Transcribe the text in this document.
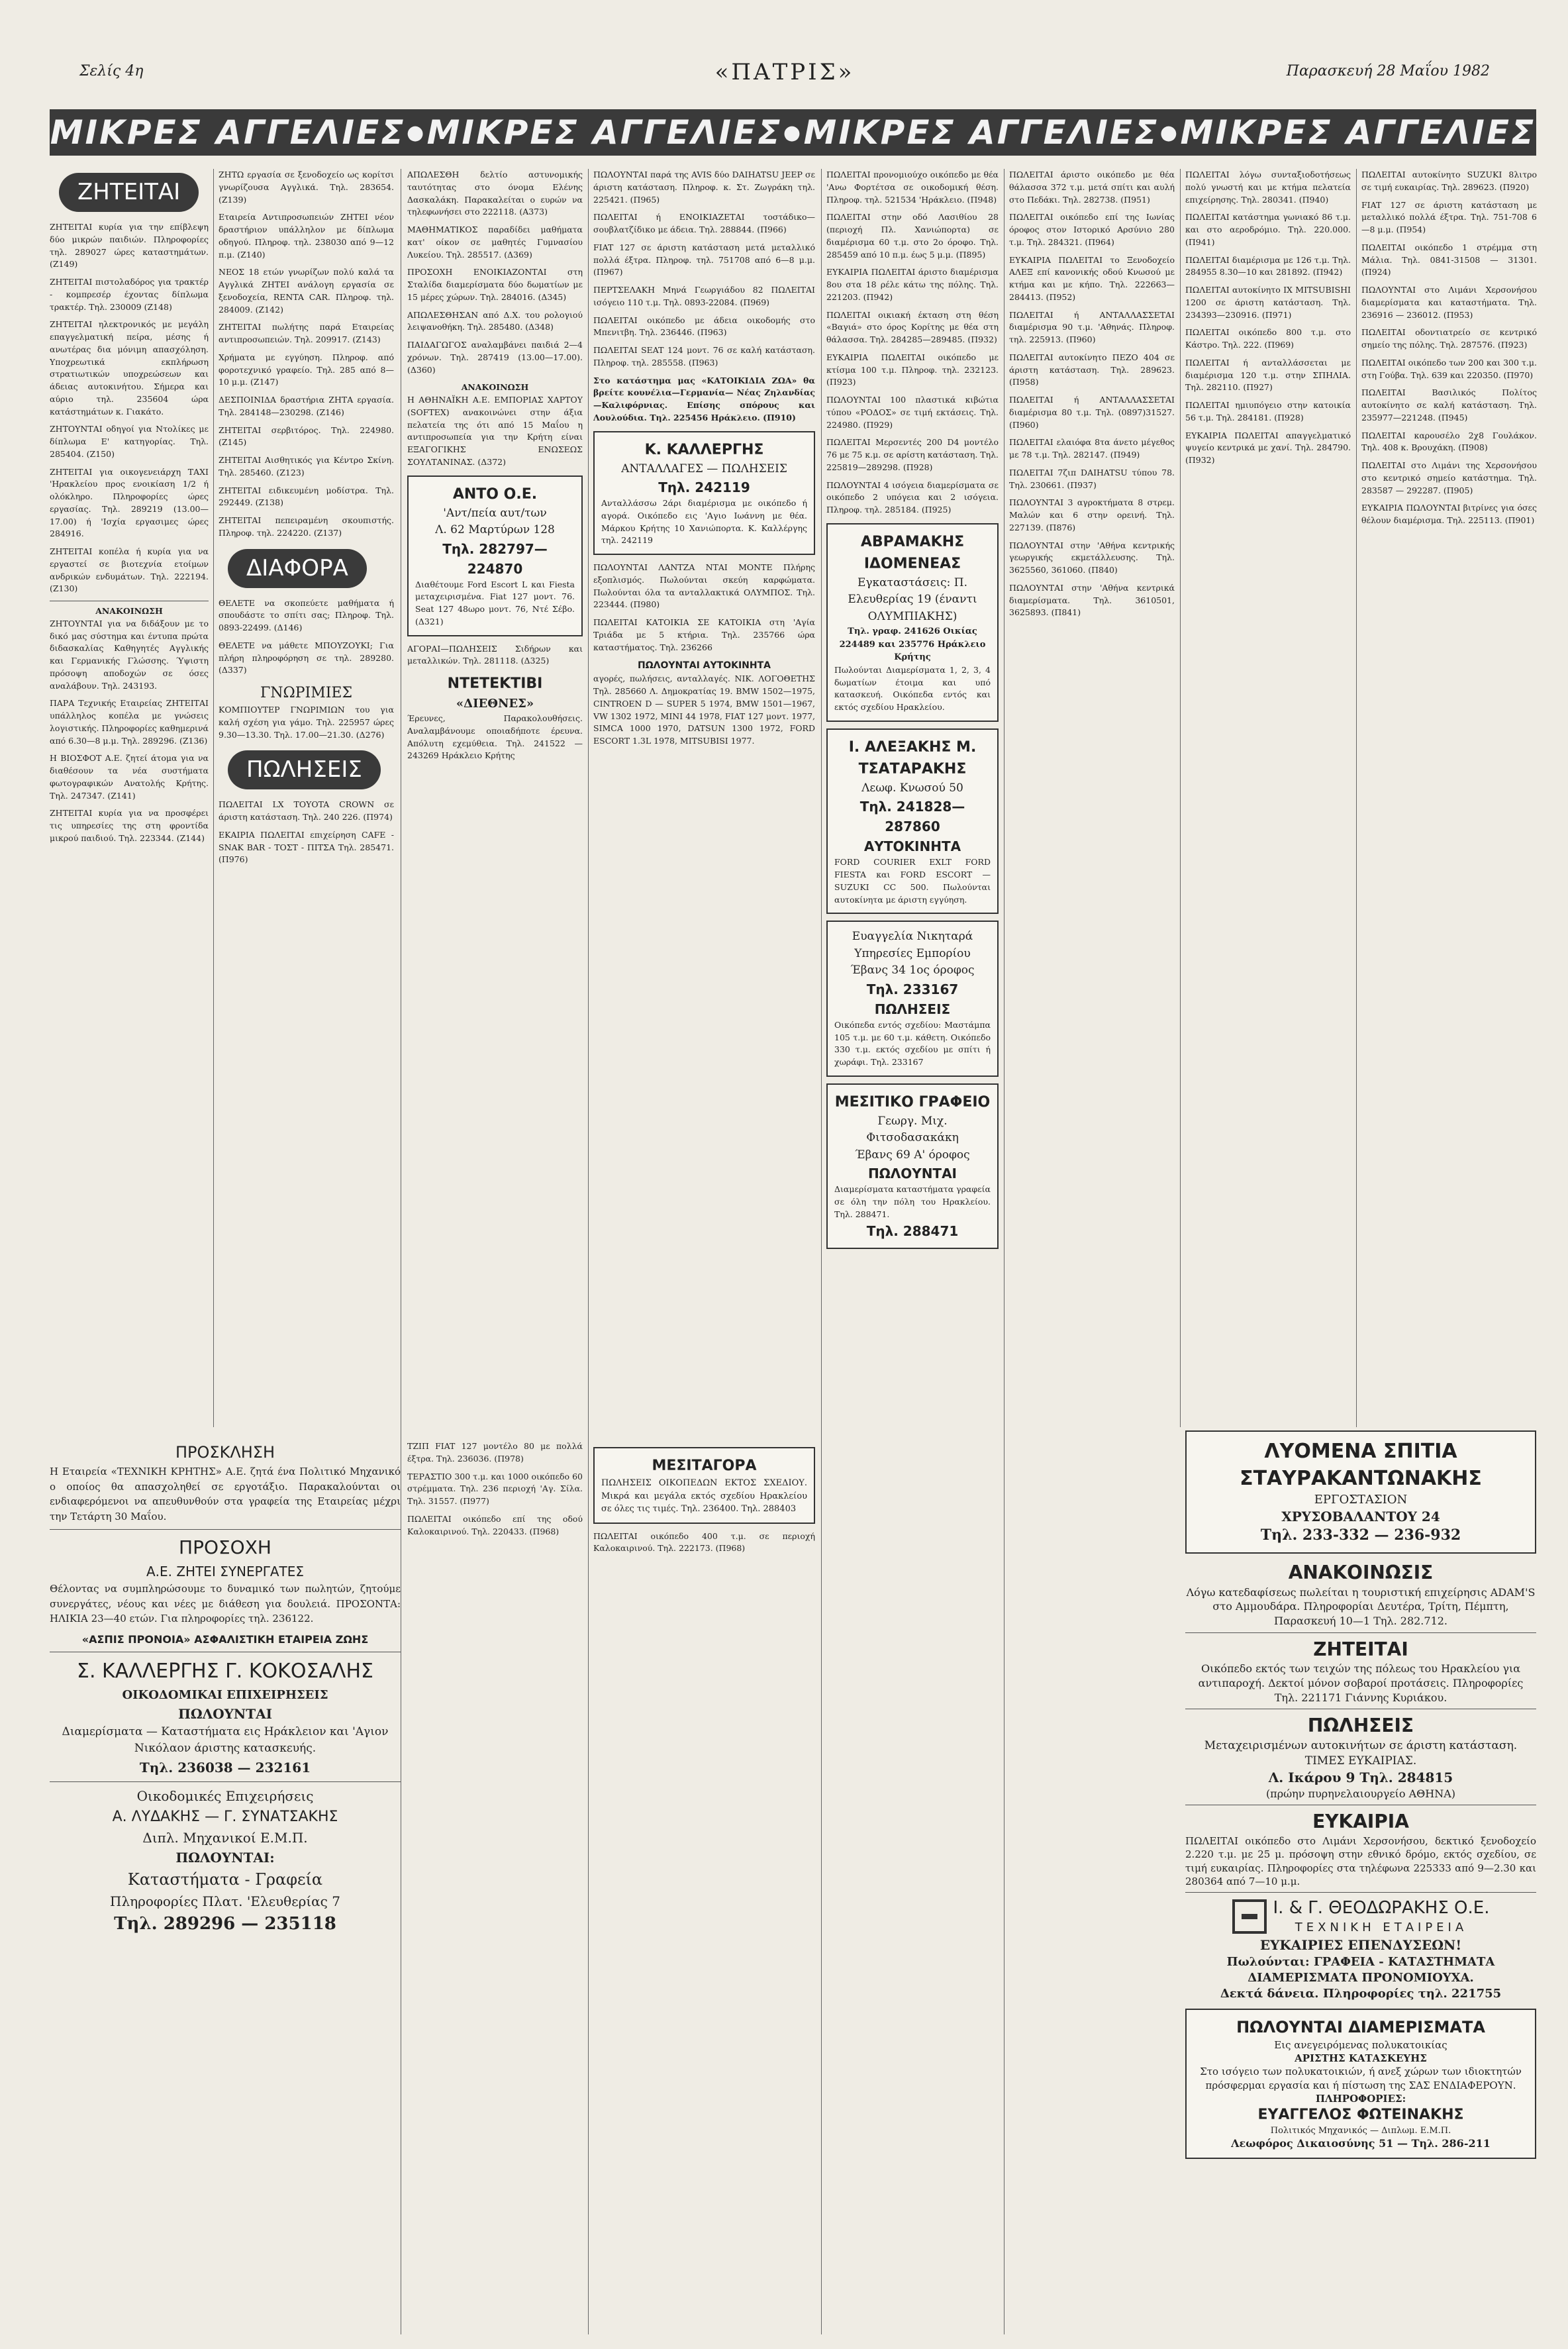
Σελίς 4η	«ΠΑΤΡΙΣ»	Παρασκευή 28 Μαΐου 1982
ΜΙΚΡΕΣ ΑΓΓΕΛΙΕΣ ● ΜΙΚΡΕΣ ΑΓΓΕΛΙΕΣ ● ΜΙΚΡΕΣ ΑΓΓΕΛΙΕΣ ● ΜΙΚΡΕΣ ΑΓΓΕΛΙΕΣ
ΖΗΤΕΙΤΑΙ

ΖΗΤΕΙΤΑΙ κυρία για την επίβλεψη δύο μικρών παιδιών. Πληροφορίες τηλ. 289027 ώρες καταστημάτων. (Ζ149)

ΖΗΤΕΙΤΑΙ πιστολαδόρος για τρακτέρ - κομπρεσέρ έχοντας δίπλωμα τρακτέρ. Τηλ. 230009 (Ζ148)

ΖΗΤΕΙΤΑΙ ηλεκτρονικός με μεγάλη επαγγελματική πείρα, μέσης ή ανωτέρας δια μόνιμη απασχόληση. Υποχρεωτικά εκπλήρωση στρατιωτικών υποχρεώσεων και άδειας αυτοκινήτου. Σήμερα και αύριο τηλ. 235604 ώρα κατάστημάτων κ. Γιακάτο.

ΖΗΤΟΥΝΤΑΙ οδηγοί για Ντολίκες με δίπλωμα Ε' κατηγορίας. Τηλ. 285404. (Ζ150)

ΖΗΤΕΙΤΑΙ για οικογενειάρχη ΤΑΧΙ 'Ηρακλείου προς ενοικίαση 1/2 ή ολόκληρο. Πληροφορίες ώρες εργασίας. Τηλ. 289219 (13.00—17.00) ή 'Ισχία εργασιμες ώρες 284916.

ΖΗΤΕΙΤΑΙ κοπέλα ή κυρία για να εργαστεί σε βιοτεχνία ετοίμων ανδρικών ενδυμάτων. Τηλ. 222194. (Ζ130)

ΑΝΑΚΟΙΝΩΣΗ

ΖΗΤΟΥΝΤΑΙ για να διδάξουν με το δικό μας σύστημα και έντυπα πρώτα διδασκαλίας Καθηγητές Αγγλικής και Γερμανικής Γλώσσης. Ύψιστη πρόσοψη αποδοχών σε όσες αναλάβουν. Τηλ. 243193.

ΠΑΡΑ Τεχνικής Εταιρείας ΖΗΤΕΙΤΑΙ υπάλληλος κοπέλα με γνώσεις λογιστικής. Πληροφορίες καθημερινά από 6.30—8 μ.μ. Τηλ. 289296. (Ζ136)

Η ΒΙΟΣΦΟΤ Α.Ε. ζητεί άτομα για να διαθέσουν τα νέα συστήματα φωτογραφικών Ανατολής Κρήτης. Τηλ. 247347. (Ζ141)

ΖΗΤΕΙΤΑΙ κυρία για να προσφέρει τις υπηρεσίες της στη φροντίδα μικρού παιδιού. Τηλ. 223344. (Ζ144)

ΠΡΟΣΚΛΗΣΗ

Η Εταιρεία «ΤΕΧΝΙΚΗ ΚΡΗΤΗΣ» Α.Ε. ζητά ένα Πολιτικό Μηχανικό ο οποίος θα απασχοληθεί σε εργοτάξιο. Παρακαλούνται οι ενδιαφερόμενοι να απευθυνθούν στα γραφεία της Εταιρείας μέχρι την Τετάρτη 30 Μαΐου.

ΠΡΟΣΟΧΗ
Α.Ε. ΖΗΤΕΙ ΣΥΝΕΡΓΑΤΕΣ

Θέλοντας να συμπληρώσουμε το δυναμικό των πωλητών, ζητούμε συνεργάτες, νέους και νέες με διάθεση για δουλειά. ΠΡΟΣΟΝΤΑ: ΗΛΙΚΙΑ 23—40 ετών. Για πληροφορίες τηλ. 236122.

«ΑΣΠΙΣ ΠΡΟΝΟΙΑ» ΑΣΦΑΛΙΣΤΙΚΗ ΕΤΑΙΡΕΙΑ ΖΩΗΣ
Σ. ΚΑΛΛΕΡΓΗΣ Γ. ΚΟΚΟΣΑΛΗΣ
ΟΙΚΟΔΟΜΙΚΑΙ ΕΠΙΧΕΙΡΗΣΕΙΣ
ΠΩΛΟΥΝΤΑΙ
Διαμερίσματα — Καταστήματα εις Ηράκλειον και 'Αγιον Νικόλαον άριστης κατασκευής.
Τηλ. 236038 — 232161
Οικοδομικές Επιχειρήσεις
Α. ΛΥΔΑΚΗΣ — Γ. ΣΥΝΑΤΣΑΚΗΣ
Διπλ. Μηχανικοί Ε.Μ.Π.
ΠΩΛΟΥΝΤΑΙ:
Καταστήματα - Γραφεία
Πληροφορίες Πλατ. 'Ελευθερίας 7
Τηλ. 289296 — 235118

ΖΗΤΩ εργασία σε ξενοδοχείο ως κορίτσι γνωρίζουσα Αγγλικά. Τηλ. 283654. (Ζ139)

Εταιρεία Αντιπροσωπειών ΖΗΤΕΙ νέον δραστήριον υπάλληλον με δίπλωμα οδηγού. Πληροφ. τηλ. 238030 από 9—12 π.μ. (Ζ140)

ΝΕΟΣ 18 ετών γνωρίζων πολύ καλά τα Αγγλικά ΖΗΤΕΙ ανάλογη εργασία σε ξενοδοχεία, RENTA CAR. Πληροφ. τηλ. 284009. (Ζ142)

ΖΗΤΕΙΤΑΙ πωλήτης παρά Εταιρείας αντιπροσωπειών. Τηλ. 209917. (Ζ143)

Χρήματα με εγγύηση. Πληροφ. από φοροτεχνικό γραφείο. Τηλ. 285 από 8—10 μ.μ. (Ζ147)

ΔΕΣΠΟΙΝΙΔΑ δραστήρια ΖΗΤΑ εργασία. Τηλ. 284148—230298. (Ζ146)

ΖΗΤΕΙΤΑΙ σερβιτόρος. Τηλ. 224980. (Ζ145)

ΖΗΤΕΙΤΑΙ Αισθητικός για Κέντρο Σκίνη. Τηλ. 285460. (Ζ123)

ΖΗΤΕΙΤΑΙ ειδικευμένη μοδίστρα. Τηλ. 292449. (Ζ138)

ΖΗΤΕΙΤΑΙ πεπειραμένη σκουπιστής. Πληροφ. τηλ. 224220. (Ζ137)

ΔΙΑΦΟΡΑ

ΘΕΛΕΤΕ να σκοπεύετε μαθήματα ή σπουδάστε το σπίτι σας; Πληροφ. Τηλ. 0893-22499. (Δ146)

ΘΕΛΕΤΕ να μάθετε ΜΠΟΥΖΟΥΚΙ; Για πλήρη πληροφόρηση σε τηλ. 289280. (Δ337)

ΓΝΩΡΙΜΙΕΣ

ΚΟΜΠΙΟΥΤΕΡ ΓΝΩΡΙΜΙΩΝ του για καλή σχέση για γάμο. Τηλ. 225957 ώρες 9.30—13.30. Τηλ. 17.00—21.30. (Δ276)

ΠΩΛΗΣΕΙΣ

ΠΩΛΕΙΤΑΙ LX TOYOTA CROWN σε άριστη κατάσταση. Τηλ. 240 226. (Π974)

ΕΚΑΙΡΙΑ ΠΩΛΕΙΤΑΙ επιχείρηση CAFE - SNAK BAR - ΤΟΣΤ - ΠΙΤΣΑ Τηλ. 285471. (Π976)

ΤΖΙΠ FIAT 127 μοντέλο 80 με πολλά έξτρα. Τηλ. 236036. (Π978)

ΤΕΡΑΣΤΙΟ 300 τ.μ. και 1000 οικόπεδο 60 στρέμματα. Τηλ. 236 περιοχή 'Αγ. Σίλα. Τηλ. 31557. (Π977)

ΠΩΛΕΙΤΑΙ οικόπεδο επί της οδού Καλοκαιρινού. Τηλ. 220433. (Π968)

ΑΠΩΛΕΣΘΗ δελτίο αστυνομικής ταυτότητας στο όνομα Ελένης Δασκαλάκη. Παρακαλείται ο ευρών να τηλεφωνήσει στο 222118. (Α373)

ΜΑΘΗΜΑΤΙΚΟΣ παραδίδει μαθήματα κατ' οίκον σε μαθητές Γυμνασίου Λυκείου. Τηλ. 285517. (Δ369)

ΠΡΟΣΟΧΗ ΕΝΟΙΚΙΑΖΟΝΤΑΙ στη Σταλίδα διαμερίσματα δύο δωματίων με 15 μέρες χώρων. Τηλ. 284016. (Δ345)

ΑΠΩΛΕΣΘΗΣΑΝ από Δ.Χ. του ρολογιού λειψανοθήκη. Τηλ. 285480. (Δ348)

ΠΑΙΔΑΓΩΓΟΣ αναλαμβάνει παιδιά 2—4 χρόνων. Τηλ. 287419 (13.00—17.00). (Δ360)

ΑΝΑΚΟΙΝΩΣΗ

Η ΑΘΗΝΑΪΚΗ Α.Ε. ΕΜΠΟΡΙΑΣ ΧΑΡΤΟΥ (SOFTEX) ανακοινώνει στην άξια πελατεία της ότι από 15 Μαΐου η αντιπροσωπεία για την Κρήτη είναι ΕΞΑΓΟΓΙΚΗΣ ΕΝΩΣΕΩΣ ΣΟΥΛΤΑΝΙΝΑΣ. (Δ372)

ΑΝΤΟ Ο.Ε.
'Αντ/πεία αυτ/των
Λ. 62 Μαρτύρων 128
Τηλ. 282797—224870
Διαθέτουμε Ford Escort L και Fiesta μεταχειρισμένα. Fiat 127 μοντ. 76. Seat 127 48ωρο μοντ. 76, Ντέ Σέβο. (Δ321)

ΑΓΟΡΑΙ—ΠΩΛΗΣΕΙΣ Σιδήρων και μεταλλικών. Τηλ. 281118. (Δ325)

ΝΤΕΤΕΚΤΙΒΙ
«ΔΙΕΘΝΕΣ»

Έρευνες, Παρακολουθήσεις. Αναλαμβάνουμε οποιαδήποτε έρευνα. Απόλυτη εχεμύθεια. Τηλ. 241522 — 243269 Ηράκλειο Κρήτης

ΠΩΛΟΥΝΤΑΙ παρά της AVIS δύο DAIHATSU JEEP σε άριστη κατάσταση. Πληροφ. κ. Στ. Ζωγράκη τηλ. 225421. (Π965)

ΠΩΛΕΙΤΑΙ ή ΕΝΟΙΚΙΑΖΕΤΑΙ τοστάδικο—σουβλατζίδικο με άδεια. Τηλ. 288844. (Π966)

FIAT 127 σε άριστη κατάσταση μετά μεταλλικό πολλά έξτρα. Πληροφ. τηλ. 751708 από 6—8 μ.μ. (Π967)

ΠΕΡΤΣΕΛΑΚΗ Μηνά Γεωργιάδου 82 ΠΩΛΕΙΤΑΙ ισόγειο 110 τ.μ. Τηλ. 0893-22084. (Π969)

ΠΩΛΕΙΤΑΙ οικόπεδο με άδεια οικοδομής στο Μπενιτβη. Τηλ. 236446. (Π963)

ΠΩΛΕΙΤΑΙ SEAT 124 μοντ. 76 σε καλή κατάσταση. Πληροφ. τηλ. 285558. (Π963)

Στο κατάστημα μας «ΚΑΤΟΙΚΙΔΙΑ ΖΩΑ» θα βρείτε κουνέλια—Γερμανία— Νέας Ζηλανδίας—Καλιφόρνιας. Επίσης σπόρους και Λουλούδια. Τηλ. 225456 Ηράκλειο. (Π910)

Κ. ΚΑΛΛΕΡΓΗΣ
ΑΝΤΑΛΛΑΓΕΣ — ΠΩΛΗΣΕΙΣ
Τηλ. 242119
Ανταλλάσσω 2άρι διαμέρισμα με οικόπεδο ή αγορά. Οικόπεδο εις 'Αγιο Ιωάννη με θέα. Μάρκου Κρήτης 10 Χανιώπορτα. Κ. Καλλέργης τηλ. 242119

ΠΩΛΟΥΝΤΑΙ ΛΑΝΤΖΑ ΝΤΑΙ ΜΟΝΤΕ Πλήρης εξοπλισμός. Πωλούνται σκεύη καρφώματα. Πωλούνται όλα τα ανταλλακτικά ΟΛΥΜΠΟΣ. Τηλ. 223444. (Π980)

ΠΩΛΕΙΤΑΙ ΚΑΤΟΙΚΙΑ ΣΕ ΚΑΤΟΙΚΙΑ στη 'Αγία Τριάδα με 5 κτήρια. Τηλ. 235766 ώρα καταστήματος. Τηλ. 236266

ΠΩΛΟΥΝΤΑΙ ΑΥΤΟΚΙΝΗΤΑ

αγορές, πωλήσεις, ανταλλαγές. ΝΙΚ. ΛΟΓΟΘΕΤΗΣ Τηλ. 285660 Λ. Δημοκρατίας 19. BMW 1502—1975, CINTROEN D — SUPER 5 1974, BMW 1501—1967, VW 1302 1972, MINI 44 1978, FIAT 127 μοντ. 1977, SIMCA 1000 1970, DATSUN 1300 1972, FORD ESCORT 1.3L 1978, MITSUBISI 1977.

ΜΕΣΙΤΑΓΟΡΑ
ΠΩΛΗΣΕΙΣ ΟΙΚΟΠΕΔΩΝ ΕΚΤΟΣ ΣΧΕΔΙΟΥ. Μικρά και μεγάλα εκτός σχεδίου Ηρακλείου σε όλες τις τιμές. Τηλ. 236400. Τηλ. 288403

ΠΩΛΕΙΤΑΙ οικόπεδο 400 τ.μ. σε περιοχή Καλοκαιρινού. Τηλ. 222173. (Π968)

ΠΩΛΕΙΤΑΙ προνομιούχο οικόπεδο με θέα 'Ανω Φορτέτσα σε οικοδομική θέση. Πληροφ. τηλ. 521534 'Ηράκλειο. (Π948)

ΠΩΛΕΙΤΑΙ στην οδό Λασιθίου 28 (περιοχή Πλ. Χανιώπορτα) σε διαμέρισμα 60 τ.μ. στο 2ο όροφο. Τηλ. 285459 από 10 π.μ. έως 5 μ.μ. (Π895)

ΕΥΚΑΙΡΙΑ ΠΩΛΕΙΤΑΙ άριστο διαμέρισμα 8ου στα 18 ρέλε κάτω της πόλης. Τηλ. 221203. (Π942)

ΠΩΛΕΙΤΑΙ οικιακή έκταση στη θέση «Βαγιά» στο όρος Κορίτης με θέα στη θάλασσα. Τηλ. 284285—289485. (Π932)

ΕΥΚΑΙΡΙΑ ΠΩΛΕΙΤΑΙ οικόπεδο με κτίσμα 100 τ.μ. Πληροφ. τηλ. 232123. (Π923)

ΠΩΛΟΥΝΤΑΙ 100 πλαστικά κιβώτια τύπου «ΡΟΔΟΣ» σε τιμή εκτάσεις. Τηλ. 224980. (Π929)

ΠΩΛΕΙΤΑΙ Μερσεντές 200 D4 μοντέλο 76 με 75 κ.μ. σε αρίστη κατάσταση. Τηλ. 225819—289298. (Π928)

ΠΩΛΟΥΝΤΑΙ 4 ισόγεια διαμερίσματα σε οικόπεδο 2 υπόγεια και 2 ισόγεια. Πληροφ. τηλ. 285184. (Π925)

ΑΒΡΑΜΑΚΗΣ ΙΔΟΜΕΝΕΑΣ
Εγκαταστάσεις: Π. Ελευθερίας 19 (έναντι ΟΛΥΜΠΙΑΚΗΣ)
Τηλ. γραφ. 241626 Οικίας 224489 και 235776 Ηράκλειο Κρήτης
Πωλούνται Διαμερίσματα 1, 2, 3, 4 δωματίων έτοιμα και υπό κατασκευή. Οικόπεδα εντός και εκτός σχεδίου Ηρακλείου.
Ι. ΑΛΕΞΑΚΗΣ Μ. ΤΣΑΤΑΡΑΚΗΣ
Λεωφ. Κνωσού 50
Τηλ. 241828—287860
ΑΥΤΟΚΙΝΗΤΑ
FORD COURIER EXLT FORD FIESTA και FORD ESCORT — SUZUKI CC 500. Πωλούνται αυτοκίνητα με άριστη εγγύηση.
Ευαγγελία Νικηταρά
Υπηρεσίες Εμπορίου
Έβανς 34 1ος όροφος
Τηλ. 233167
ΠΩΛΗΣΕΙΣ
Οικόπεδα εντός σχεδίου: Μαστάμπα 105 τ.μ. με 60 τ.μ. κάθετη. Οικόπεδο 330 τ.μ. εκτός σχεδίου με σπίτι ή χωράφι. Τηλ. 233167
ΜΕΣΙΤΙΚΟ ΓΡΑΦΕΙΟ
Γεωργ. Μιχ. Φιτσοδασακάκη
Έβανς 69 Α' όροφος
ΠΩΛΟΥΝΤΑΙ
Διαμερίσματα καταστήματα γραφεία σε όλη την πόλη του Ηρακλείου. Τηλ. 288471.
Τηλ. 288471

ΠΩΛΕΙΤΑΙ άριστο οικόπεδο με θέα θάλασσα 372 τ.μ. μετά σπίτι και αυλή στο Πεδάκι. Τηλ. 282738. (Π951)

ΠΩΛΕΙΤΑΙ οικόπεδο επί της Ιωνίας όροφος στον Ιστορικό Αρσύνιο 280 τ.μ. Τηλ. 284321. (Π964)

ΕΥΚΑΙΡΙΑ ΠΩΛΕΙΤΑΙ το Ξενοδοχείο ΑΛΕΞ επί κανονικής οδού Κνωσού με κτήμα και με κήπο. Τηλ. 222663—284413. (Π952)

ΠΩΛΕΙΤΑΙ ή ΑΝΤΑΛΛΑΣΣΕΤΑΙ διαμέρισμα 90 τ.μ. 'Αθηνάς. Πληροφ. τηλ. 225913. (Π960)

ΠΩΛΕΙΤΑΙ αυτοκίνητο ΠΕΖΟ 404 σε άριστη κατάσταση. Τηλ. 289623. (Π958)

ΠΩΛΕΙΤΑΙ ή ΑΝΤΑΛΛΑΣΣΕΤΑΙ διαμέρισμα 80 τ.μ. Τηλ. (0897)31527. (Π960)

ΠΩΛΕΙΤΑΙ ελαιόφα 8τα άνετο μέγεθος με 78 τ.μ. Τηλ. 282147. (Π949)

ΠΩΛΕΙΤΑΙ 7ζιπ DAIHATSU τύπου 78. Τηλ. 230661. (Π937)

ΠΩΛΟΥΝΤΑΙ 3 αγροκτήματα 8 στρεμ. Μαλών και 6 στην ορεινή. Τηλ. 227139. (Π876)

ΠΩΛΟΥΝΤΑΙ στην 'Αθήνα κεντρικής γεωργικής εκμετάλλευσης. Τηλ. 3625560, 361060. (Π840)

ΠΩΛΟΥΝΤΑΙ στην 'Αθήνα κεντρικά διαμερίσματα. Τηλ. 3610501, 3625893. (Π841)

ΠΩΛΕΙΤΑΙ λόγω συνταξιοδοτήσεως πολύ γνωστή και με κτήμα πελατεία επιχείρησης. Τηλ. 280341. (Π940)

ΠΩΛΕΙΤΑΙ κατάστημα γωνιακό 86 τ.μ. και στο αεροδρόμιο. Τηλ. 220.000. (Π941)

ΠΩΛΕΙΤΑΙ διαμέρισμα με 126 τ.μ. Τηλ. 284955 8.30—10 και 281892. (Π942)

ΠΩΛΕΙΤΑΙ αυτοκίνητο IX MITSUBISHI 1200 σε άριστη κατάσταση. Τηλ. 234393—230916. (Π971)

ΠΩΛΕΙΤΑΙ οικόπεδο 800 τ.μ. στο Κάστρο. Τηλ. 222. (Π969)

ΠΩΛΕΙΤΑΙ ή ανταλλάσσεται με διαμέρισμα 120 τ.μ. στην ΣΠΗΛΙΑ. Τηλ. 282110. (Π927)

ΠΩΛΕΙΤΑΙ ημιυπόγειο στην κατοικία 56 τ.μ. Τηλ. 284181. (Π928)

ΕΥΚΑΙΡΙΑ ΠΩΛΕΙΤΑΙ απαγγελματικό ψυγείο κεντρικά με χανί. Τηλ. 284790. (Π932)

ΠΩΛΕΙΤΑΙ αυτοκίνητο SUZUKI 8λιτρο σε τιμή ευκαιρίας. Τηλ. 289623. (Π920)

FIAT 127 σε άριστη κατάσταση με μεταλλικό πολλά έξτρα. Τηλ. 751-708 6—8 μ.μ. (Π954)

ΠΩΛΕΙΤΑΙ οικόπεδο 1 στρέμμα στη Μάλια. Τηλ. 0841-31508 — 31301. (Π924)

ΠΩΛΟΥΝΤΑΙ στο Λιμάνι Χερσονήσου διαμερίσματα και καταστήματα. Τηλ. 236916 — 236012. (Π953)

ΠΩΛΕΙΤΑΙ οδοντιατρείο σε κεντρικό σημείο της πόλης. Τηλ. 287576. (Π923)

ΠΩΛΕΙΤΑΙ οικόπεδο των 200 και 300 τ.μ. στη Γούβα. Τηλ. 639 και 220350. (Π970)

ΠΩΛΕΙΤΑΙ Βασιλικός Πολίτος αυτοκίνητο σε καλή κατάσταση. Τηλ. 235977—221248. (Π945)

ΠΩΛΕΙΤΑΙ καρουσέλο 2χ8 Γουλάκον. Τηλ. 408 κ. Βρουχάκη. (Π908)

ΠΩΛΕΙΤΑΙ στο Λιμάνι της Χερσονήσου στο κεντρικό σημείο κατάστημα. Τηλ. 283587 — 292287. (Π905)

ΕΥΚΑΙΡΙΑ ΠΩΛΟΥΝΤΑΙ βιτρίνες για όσες θέλουν διαμέρισμα. Τηλ. 225113. (Π901)

ΛΥΟΜΕΝΑ ΣΠΙΤΙΑ
ΣΤΑΥΡΑΚΑΝΤΩΝΑΚΗΣ
ΕΡΓΟΣΤΑΣΙΟΝ
ΧΡΥΣΟΒΑΛΑΝΤΟΥ 24
Τηλ. 233-332 — 236-932
ΑΝΑΚΟΙΝΩΣΙΣ
Λόγω κατεδαφίσεως πωλείται η τουριστική επιχείρησις ADAM'S στο Αμμουδάρα. Πληροφορίαι Δευτέρα, Τρίτη, Πέμπτη, Παρασκευή 10—1 Τηλ. 282.712.
ΖΗΤΕΙΤΑΙ
Οικόπεδο εκτός των τειχών της πόλεως του Ηρακλείου για αντιπαροχή. Δεκτοί μόνον σοβαροί προτάσεις. Πληροφορίες Τηλ. 221171 Γιάννης Κυριάκου.
ΠΩΛΗΣΕΙΣ
Μεταχειρισμένων αυτοκινήτων σε άριστη κατάσταση.
ΤΙΜΕΣ ΕΥΚΑΙΡΙΑΣ.
Λ. Ικάρου 9 Τηλ. 284815
(πρώην πυρηνελαιουργείο ΑΘΗΝΑ)
ΕΥΚΑΙΡΙΑ
ΠΩΛΕΙΤΑΙ οικόπεδο στο Λιμάνι Χερσονήσου, δεκτικό ξενοδοχείο 2.220 τ.μ. με 25 μ. πρόσοψη στην εθνικό δρόμο, εκτός σχεδίου, σε τιμή ευκαιρίας. Πληροφορίες στα τηλέφωνα 225333 από 9—2.30 και 280364 από 7—10 μ.μ.
Ι. & Γ. ΘΕΟΔΩΡΑΚΗΣ Ο.Ε.
ΤΕΧΝΙΚΗ ΕΤΑΙΡΕΙΑ
ΕΥΚΑΙΡΙΕΣ ΕΠΕΝΔΥΣΕΩΝ!
Πωλούνται: ΓΡΑΦΕΙΑ - ΚΑΤΑΣΤΗΜΑΤΑ
ΔΙΑΜΕΡΙΣΜΑΤΑ ΠΡΟΝΟΜΙΟΥΧΑ.
Δεκτά δάνεια. Πληροφορίες τηλ. 221755
ΠΩΛΟΥΝΤΑΙ ΔΙΑΜΕΡΙΣΜΑΤΑ
Εις ανεγειρόμενας πολυκατοικίας
ΑΡΙΣΤΗΣ ΚΑΤΑΣΚΕΥΗΣ
Στο ισόγειο των πολυκατοικιών, ή ανεξ χώρων των ιδιοκτητών πρόσφερμαι εργασία και ή πίστωση της ΣΑΣ ΕΝΔΙΑΦΕΡΟΥΝ.
ΠΛΗΡΟΦΟΡΙΕΣ:
ΕΥΑΓΓΕΛΟΣ ΦΩΤΕΙΝΑΚΗΣ
Πολιτικός Μηχανικός — Διπλωμ. Ε.Μ.Π.
Λεωφόρος Δικαιοσύνης 51 — Τηλ. 286-211
